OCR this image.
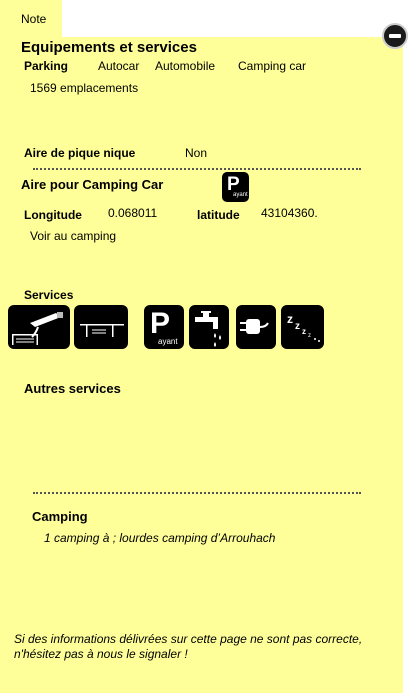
Note
Equipements et services
Parking Autocar Automobile Camping car
1569 emplacements
Aire de pique nique	Non
Aire pour Camping Car	P
ayant
Longitude 0.068011	latitude 43104360.
Voir au camping
Services
P
ayant
z
z z z
Autres services
Camping
1 camping à ; lourdes camping d’Arrouhach
Si des informations délivrées sur cette page ne sont pas correcte,
n'hésitez pas à nous le signaler !
